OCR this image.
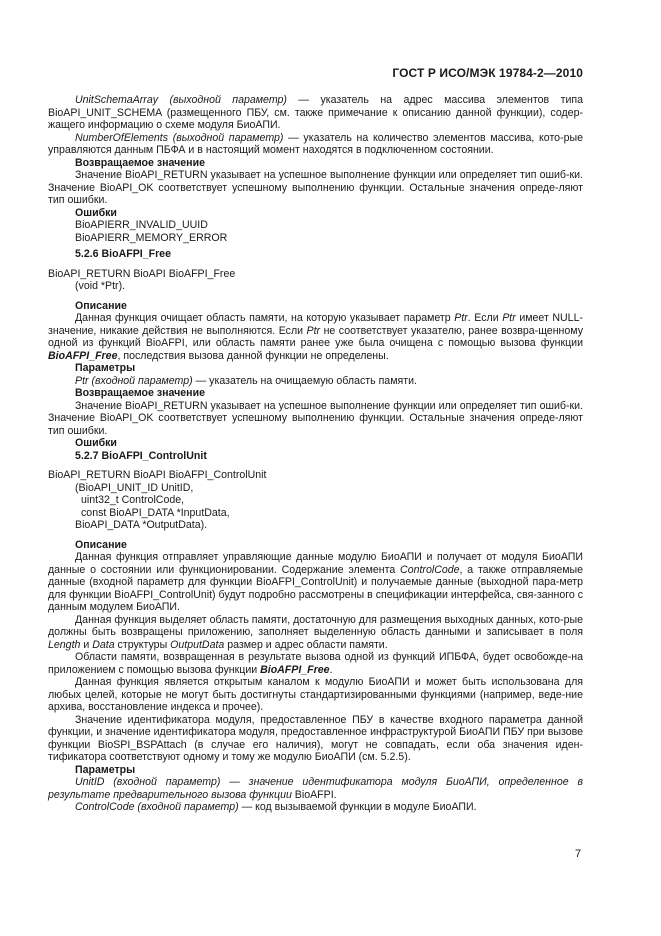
ГОСТ Р ИСО/МЭК 19784-2—2010

UnitSchemaArray (выходной параметр) — указатель на адрес массива элементов типа BioAPI_UNIT_SCHEMA (размещенного ПБУ, см. также примечание к описанию данной функции), содер-жащего информацию о схеме модуля БиоАПИ.

NumberOfElements (выходной параметр) — указатель на количество элементов массива, кото-рые управляются данным ПБФА и в настоящий момент находятся в подключенном состоянии.

Возвращаемое значение

Значение BioAPI_RETURN указывает на успешное выполнение функции или определяет тип ошиб-ки. Значение BioAPI_OK соответствует успешному выполнению функции. Остальные значения опреде-ляют тип ошибки.

Ошибки

BioAPIERR_INVALID_UUID

BioAPIERR_MEMORY_ERROR

5.2.6 BioAFPI_Free

BioAPI_RETURN BioAPI BioAFPI_Free

(void *Ptr).

Описание

Данная функция очищает область памяти, на которую указывает параметр Ptr. Если Ptr имеет NULL-значение, никакие действия не выполняются. Если Ptr не соответствует указателю, ранее возвра-щенному одной из функций BioAFPI, или область памяти ранее уже была очищена с помощью вызова функции BioAFPI_Free, последствия вызова данной функции не определены.

Параметры

Ptr (входной параметр) — указатель на очищаемую область памяти.

Возвращаемое значение

Значение BioAPI_RETURN указывает на успешное выполнение функции или определяет тип ошиб-ки. Значение BioAPI_OK соответствует успешному выполнению функции. Остальные значения опреде-ляют тип ошибки.

Ошибки

5.2.7 BioAFPI_ControlUnit

BioAPI_RETURN BioAPI BioAFPI_ControlUnit

(BioAPI_UNIT_ID UnitID,

uint32_t ControlCode,

const BioAPI_DATA *InputData,

BioAPI_DATA *OutputData).

Описание

Данная функция отправляет управляющие данные модулю БиоАПИ и получает от модуля БиоАПИ данные о состоянии или функционировании. Содержание элемента ControlCode, а также отправляемые данные (входной параметр для функции BioAFPI_ControlUnit) и получаемые данные (выходной пара-метр для функции BioAFPI_ControlUnit) будут подробно рассмотрены в спецификации интерфейса, свя-занного с данным модулем БиоАПИ.

Данная функция выделяет область памяти, достаточную для размещения выходных данных, кото-рые должны быть возвращены приложению, заполняет выделенную область данными и записывает в поля Length и Data структуры OutputData размер и адрес области памяти.

Области памяти, возвращенная в результате вызова одной из функций ИПБФА, будет освобожде-на приложением с помощью вызова функции BioAFPI_Free.

Данная функция является открытым каналом к модулю БиоАПИ и может быть использована для любых целей, которые не могут быть достигнуты стандартизированными функциями (например, веде-ние архива, восстановление индекса и прочее).

Значение идентификатора модуля, предоставленное ПБУ в качестве входного параметра данной функции, и значение идентификатора модуля, предоставленное инфраструктурой БиоАПИ ПБУ при вызове функции BioSPI_BSPAttach (в случае его наличия), могут не совпадать, если оба значения иден-тификатора соответствуют одному и тому же модулю БиоАПИ (см. 5.2.5).

Параметры

UnitID (входной параметр) — значение идентификатора модуля БиоАПИ, определенное в результате предварительного вызова функции BioAFPI.

ControlCode (входной параметр) — код вызываемой функции в модуле БиоАПИ.

7
